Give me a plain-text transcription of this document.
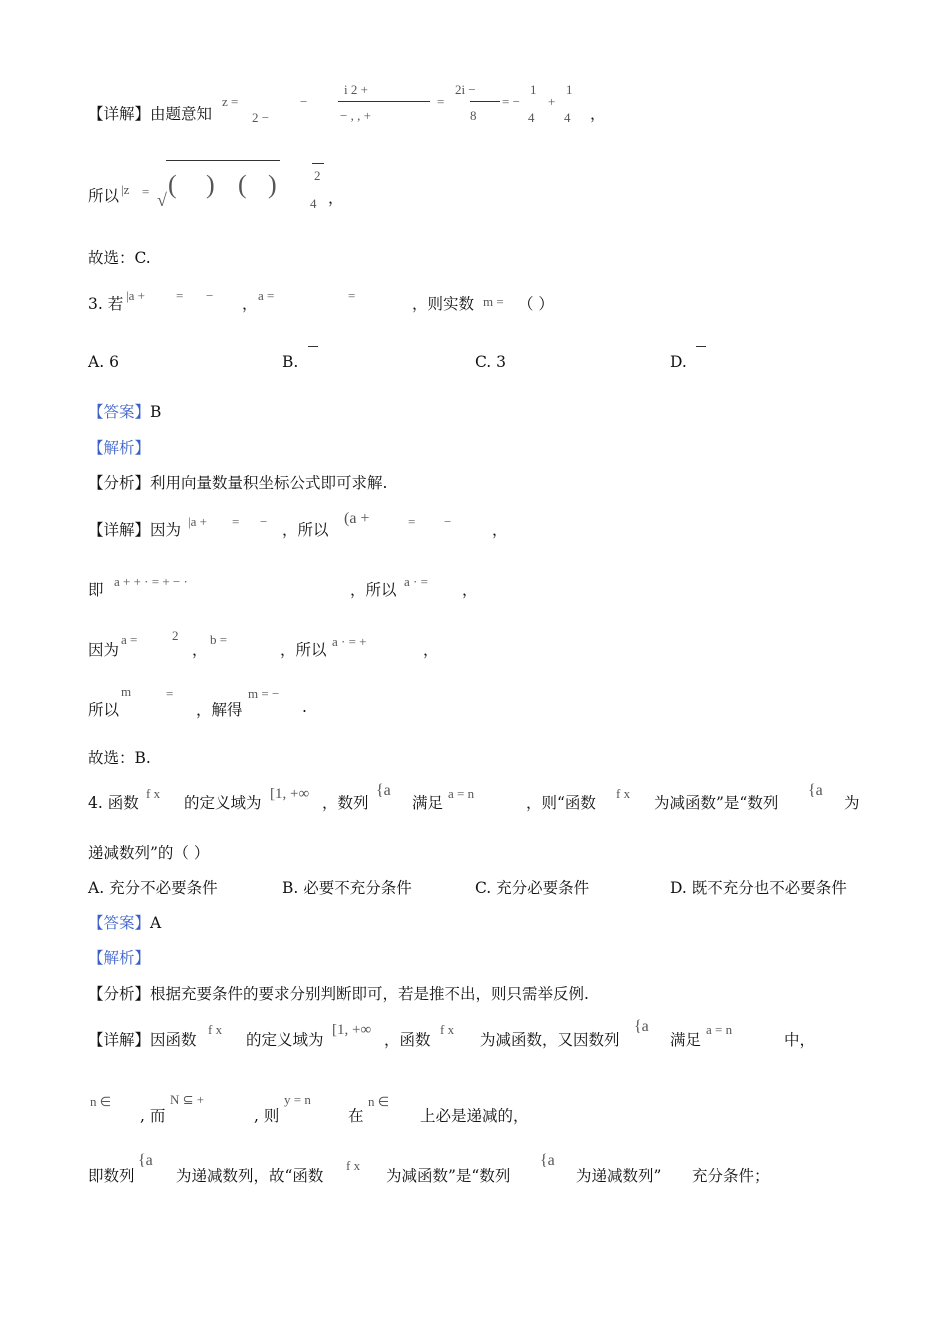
【详解】由题意知
z =
2 −
−
i 2 +
− , , +
=
2i −
8
= −
1
4
+
1
4 ，
所以 |z = √
( ) ( )	2
4 ，
故选：C.
3. 若 |a + = − ， a =	=	，则实数 m = （ ）
A. 6	B.	C. 3	D.
【答案】B
【解析】
【分析】利用向量数量积坐标公式即可求解.
【详解】因为 |a + = − ，所以
(a +	= −	，
即 a + + · = + − ·	，所以 a · = ，
因为
a =	2
，
b =
，所以 a · = +	，
所以
m	=
，解得
m = −
.
故选：B.
4. 函数
f x
的定义域为 [1, +∞ ，数列
{a
满足
a = n
，则“函数
f x
为减函数”是“数列
{a
为
递减数列”的（ ）
A. 充分不必要条件	B. 必要不充分条件	C. 充分必要条件	D. 既不充分也不必要条件
【答案】A
【解析】
【分析】根据充要条件的要求分别判断即可，若是推不出，则只需举反例.
【详解】因函数
f x
的定义域为
[1, +∞
，函数
f x
为减函数，又因数列
{a
满足
a = n
中，
n ∈
, 而
N ⊆ +
, 则
y = n
在
n ∈
上必是递减的，
即数列
{a
为递减数列，故“函数
f x
为减函数”是“数列
{a
为递减数列” 充分条件；
